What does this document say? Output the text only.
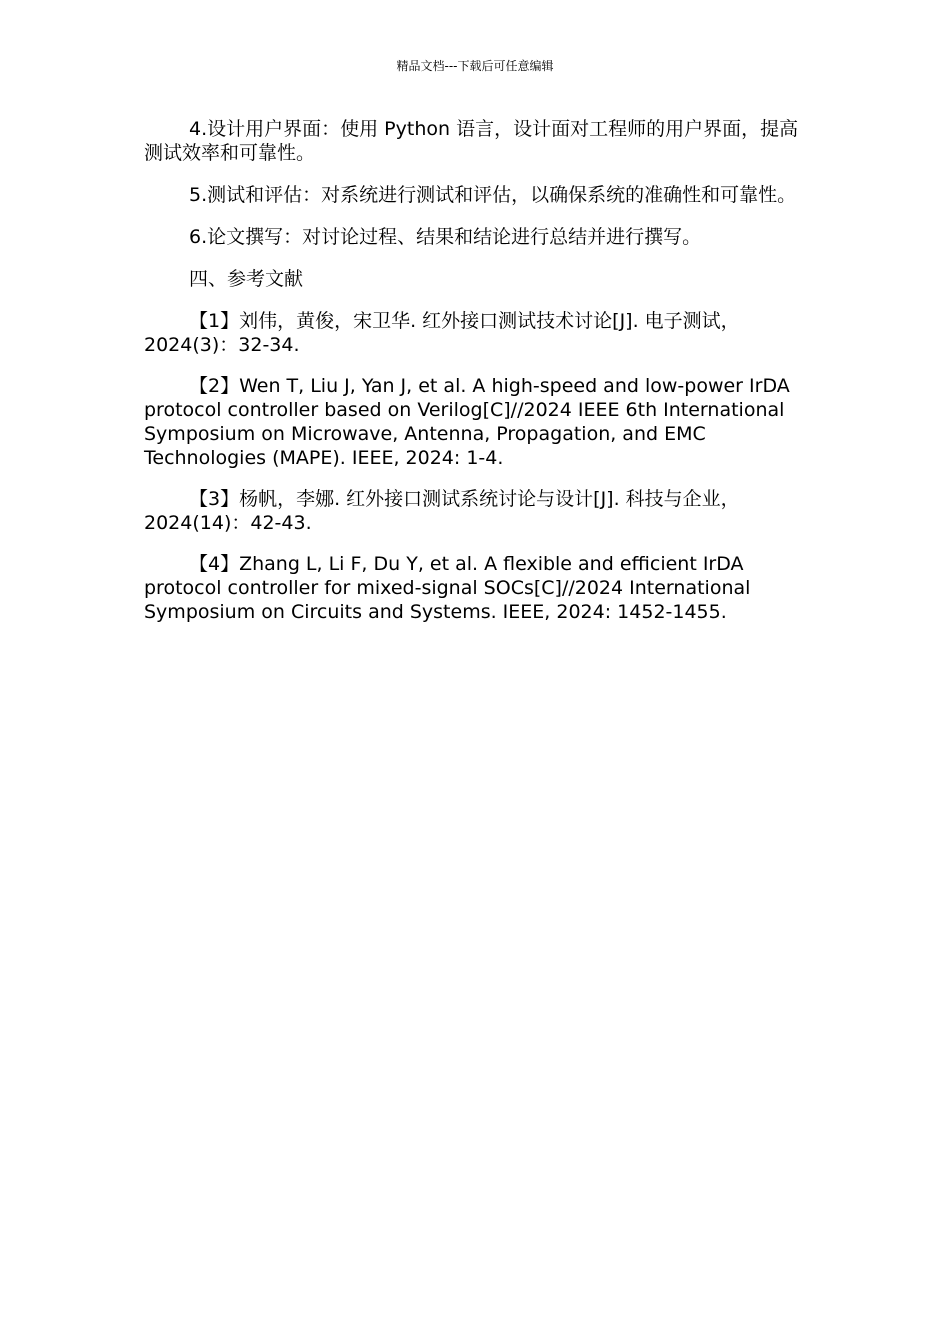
精品文档---下载后可任意编辑

4.设计用户界面：使用 Python 语言，设计面对工程师的用户界面，提高测试效率和可靠性。

5.测试和评估：对系统进行测试和评估，以确保系统的准确性和可靠性。

6.论文撰写：对讨论过程、结果和结论进行总结并进行撰写。

四、参考文献

【1】刘伟，黄俊，宋卫华. 红外接口测试技术讨论[J]. 电子测试，2024(3)：32-34.

【2】Wen T, Liu J, Yan J, et al. A high-speed and low-power IrDA protocol controller based on Verilog[C]//2024 IEEE 6th International Symposium on Microwave, Antenna, Propagation, and EMC Technologies (MAPE). IEEE, 2024: 1-4.

【3】杨帆，李娜. 红外接口测试系统讨论与设计[J]. 科技与企业，2024(14)：42-43.

【4】Zhang L, Li F, Du Y, et al. A flexible and efficient IrDA protocol controller for mixed-signal SOCs[C]//2024 International Symposium on Circuits and Systems. IEEE, 2024: 1452-1455.
